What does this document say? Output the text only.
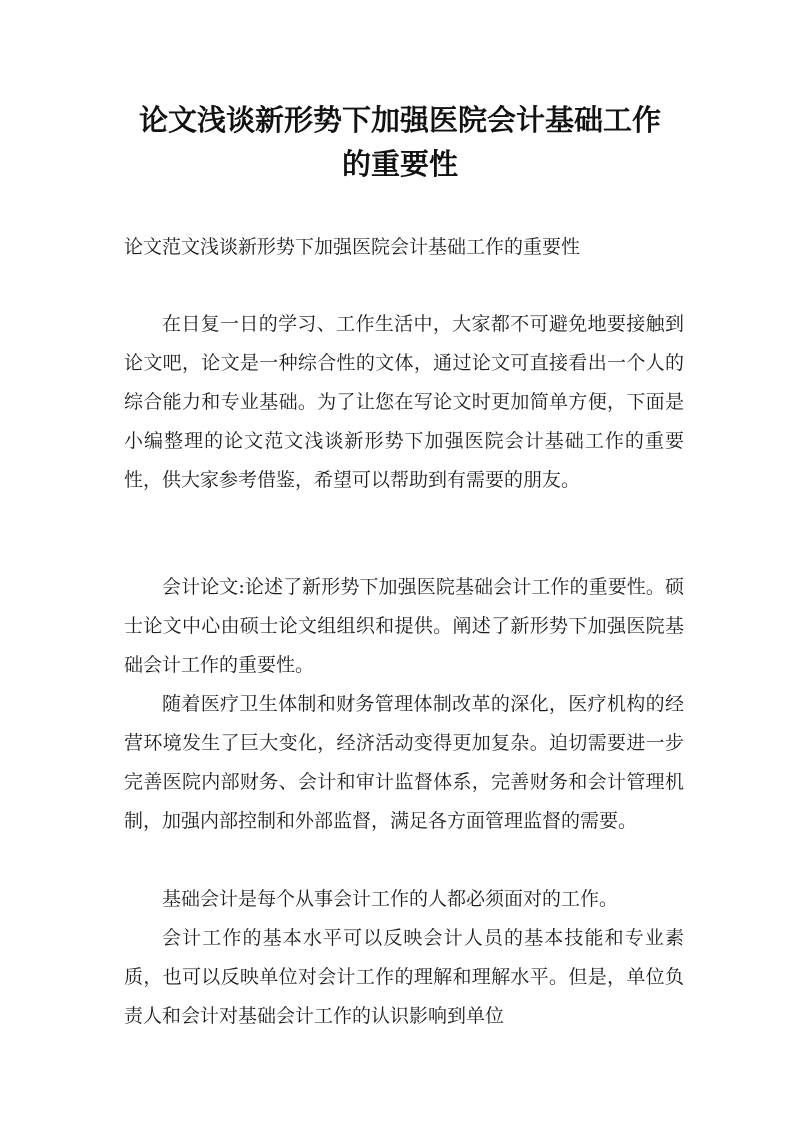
论文浅谈新形势下加强医院会计基础工作
的重要性

论文范文浅谈新形势下加强医院会计基础工作的重要性

在日复一日的学习、工作生活中，大家都不可避免地要接触到论文吧，论文是一种综合性的文体，通过论文可直接看出一个人的综合能力和专业基础。为了让您在写论文时更加简单方便，下面是小编整理的论文范文浅谈新形势下加强医院会计基础工作的重要性，供大家参考借鉴，希望可以帮助到有需要的朋友。

会计论文:论述了新形势下加强医院基础会计工作的重要性。硕士论文中心由硕士论文组组织和提供。阐述了新形势下加强医院基础会计工作的重要性。

随着医疗卫生体制和财务管理体制改革的深化，医疗机构的经营环境发生了巨大变化，经济活动变得更加复杂。迫切需要进一步完善医院内部财务、会计和审计监督体系，完善财务和会计管理机制，加强内部控制和外部监督，满足各方面管理监督的需要。

基础会计是每个从事会计工作的人都必须面对的工作。

会计工作的基本水平可以反映会计人员的基本技能和专业素质，也可以反映单位对会计工作的理解和理解水平。但是，单位负责人和会计对基础会计工作的认识影响到单位
